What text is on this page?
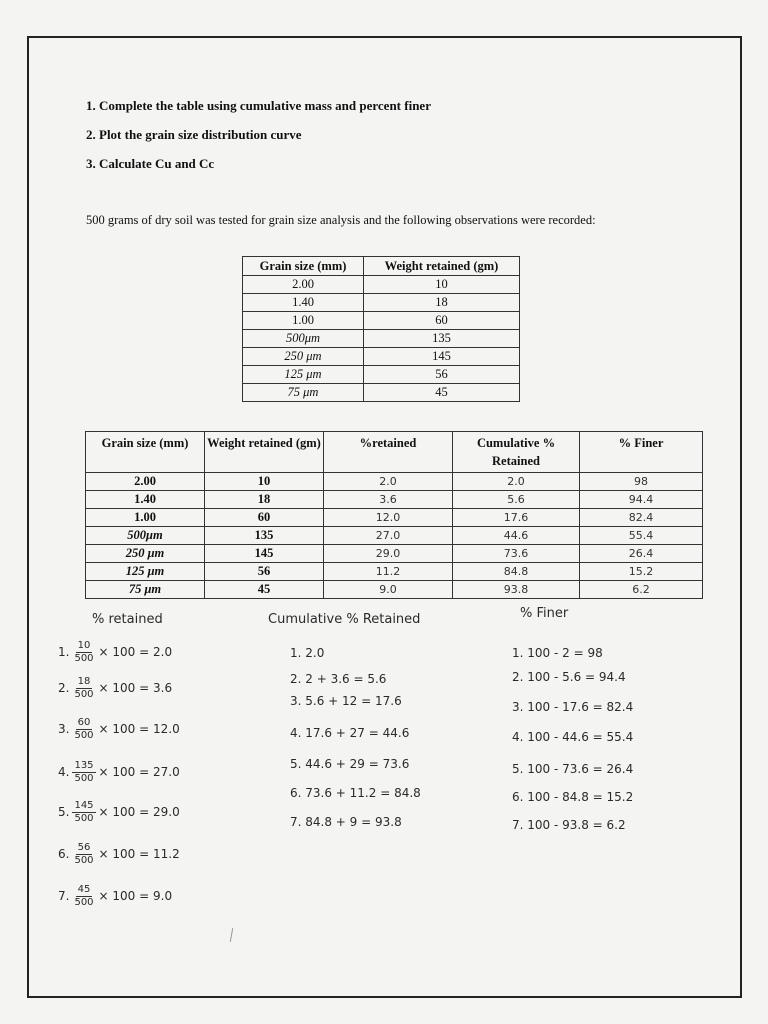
1. Complete the table using cumulative mass and percent finer
2. Plot the grain size distribution curve
3. Calculate Cu and Cc
500 grams of dry soil was tested for grain size analysis and the following observations were recorded:
Grain size (mm)	Weight retained (gm)
2.00	10
1.40	18
1.00	60
500μm	135
250 μm	145
125 μm	56
75 μm	45
Grain size (mm)	Weight retained (gm)	%retained	Cumulative % Retained	% Finer
2.00	10	2.0	2.0	98
1.40	18	3.6	5.6	94.4
1.00	60	12.0	17.6	82.4
500μm	135	27.0	44.6	55.4
250 μm	145	29.0	73.6	26.4
125 μm	56	11.2	84.8	15.2
75 μm	45	9.0	93.8	6.2
% retained	Cumulative % Retained	% Finer
1. $\frac{10}{500} \times 100 = 2.0$
2. $\frac{18}{500} \times 100 = 3.6$
3. $\frac{60}{500} \times 100 = 12.0$
4. $\frac{135}{500} \times 100 = 27.0$
5. $\frac{145}{500} \times 100 = 29.0$
6. $\frac{56}{500} \times 100 = 11.2$
7. $\frac{45}{500} \times 100 = 9.0$
1. 2.0
2. 2 + 3.6 = 5.6
3. 5.6 + 12 = 17.6
4. 17.6 + 27 = 44.6
5. 44.6 + 29 = 73.6
6. 73.6 + 11.2 = 84.8
7. 84.8 + 9 = 93.8
1. 100 - 2 = 98
2. 100 - 5.6 = 94.4
3. 100 - 17.6 = 82.4
4. 100 - 44.6 = 55.4
5. 100 - 73.6 = 26.4
6. 100 - 84.8 = 15.2
7. 100 - 93.8 = 6.2
